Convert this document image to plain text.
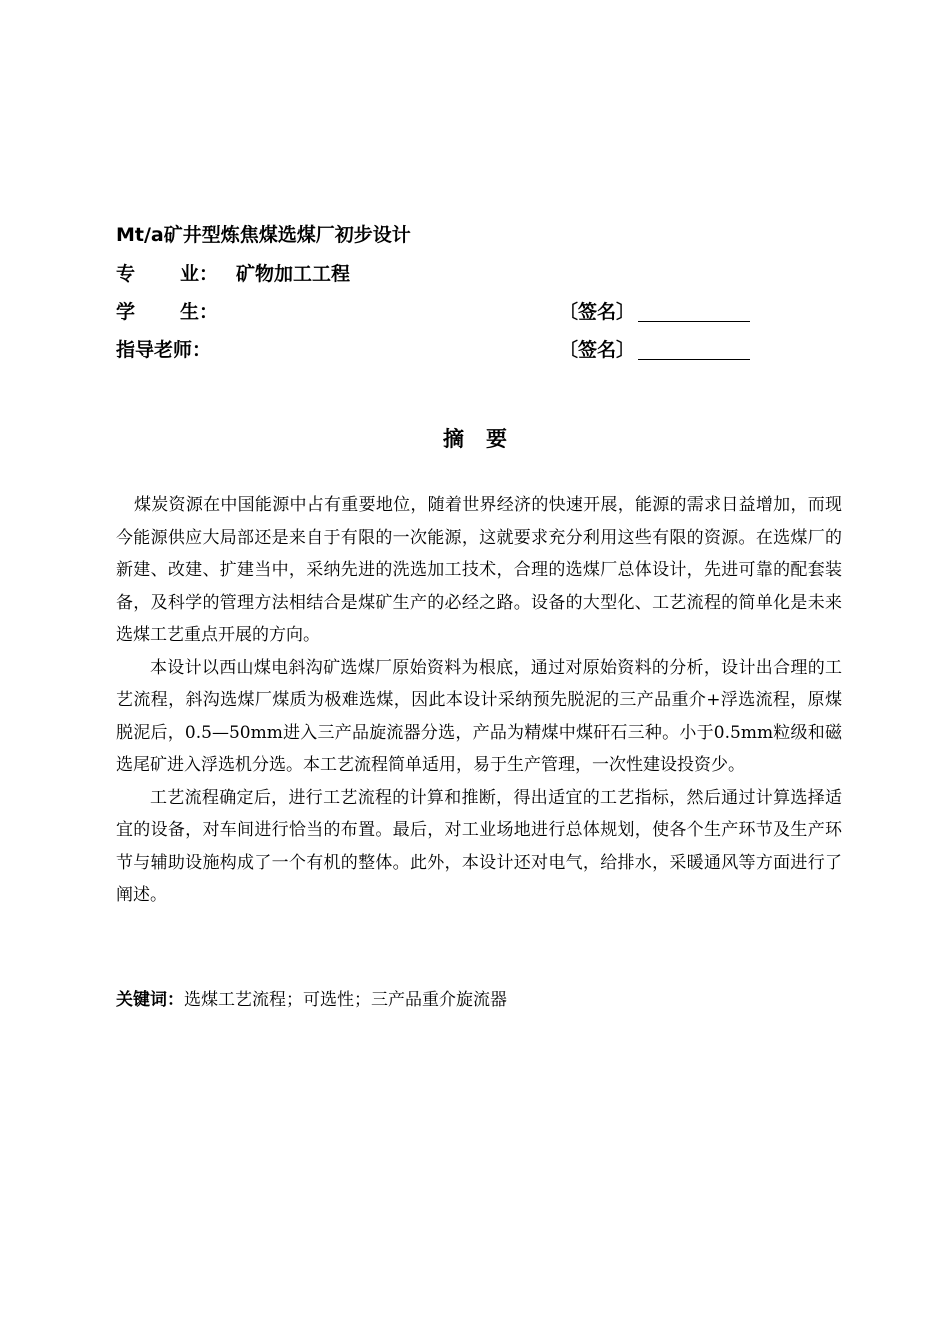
Mt/a矿井型炼焦煤选煤厂初步设计
专 业： 矿物加工工程
学 生：	〔签名〕
指导老师：	〔签名〕
摘要

煤炭资源在中国能源中占有重要地位，随着世界经济的快速开展，能源的需求日益增加，而现今能源供应大局部还是来自于有限的一次能源，这就要求充分利用这些有限的资源。在选煤厂的新建、改建、扩建当中，采纳先进的洗选加工技术，合理的选煤厂总体设计，先进可靠的配套装备，及科学的管理方法相结合是煤矿生产的必经之路。设备的大型化、工艺流程的简单化是未来选煤工艺重点开展的方向。

本设计以西山煤电斜沟矿选煤厂原始资料为根底，通过对原始资料的分析，设计出合理的工艺流程，斜沟选煤厂煤质为极难选煤，因此本设计采纳预先脱泥的三产品重介+浮选流程，原煤脱泥后，0.5—50mm进入三产品旋流器分选，产品为精煤中煤矸石三种。小于0.5mm粒级和磁选尾矿进入浮选机分选。本工艺流程简单适用，易于生产管理，一次性建设投资少。

工艺流程确定后，进行工艺流程的计算和推断，得出适宜的工艺指标，然后通过计算选择适宜的设备，对车间进行恰当的布置。最后，对工业场地进行总体规划，使各个生产环节及生产环节与辅助设施构成了一个有机的整体。此外，本设计还对电气，给排水，采暖通风等方面进行了阐述。

关键词：选煤工艺流程；可选性；三产品重介旋流器
